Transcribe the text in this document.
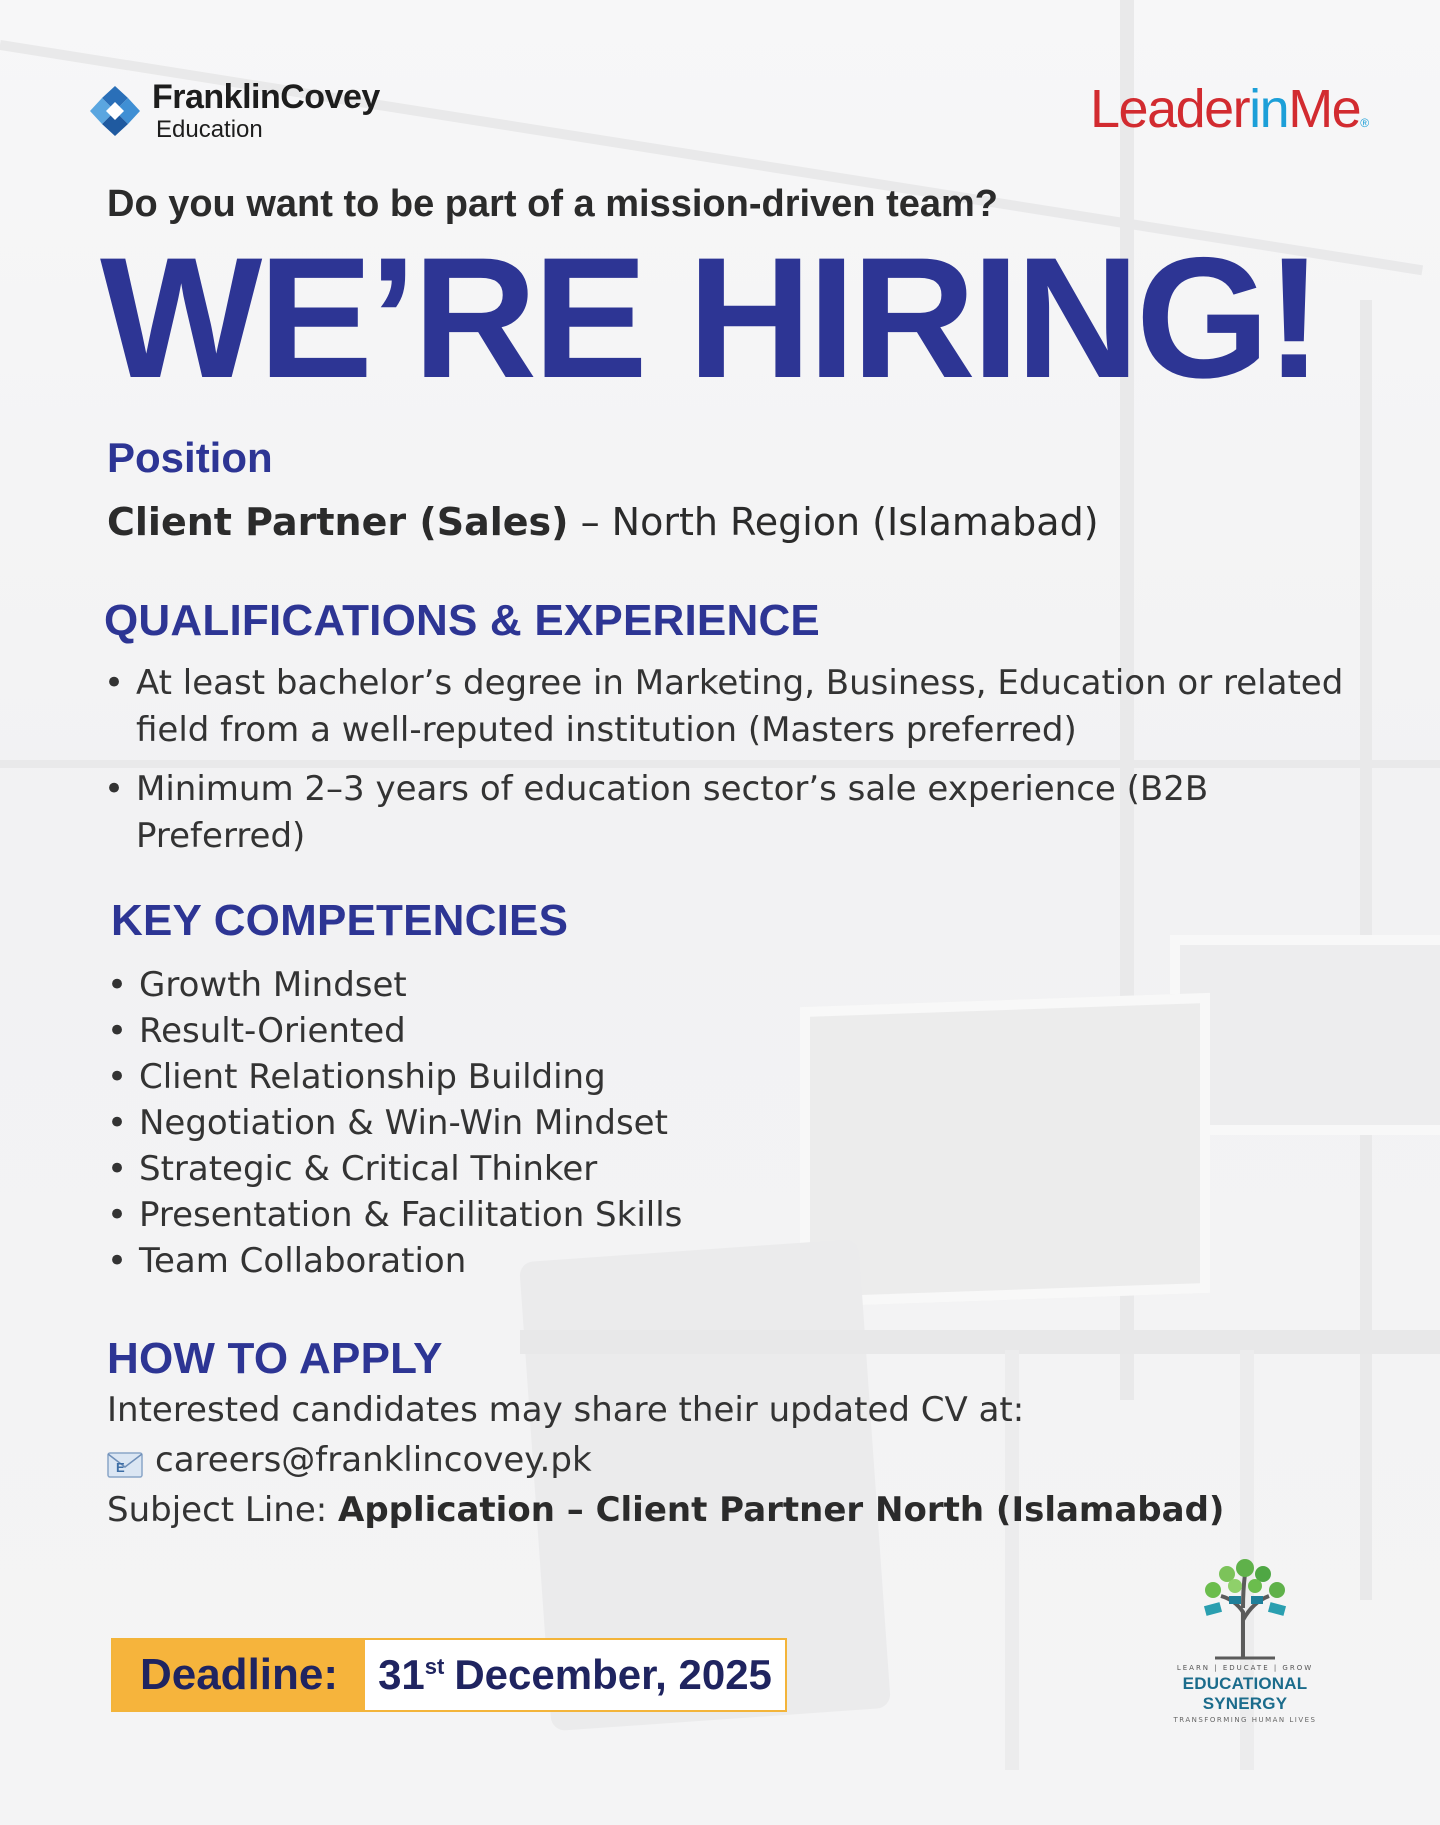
FranklinCovey
Education	LeaderinMe®
Do you want to be part of a mission-driven team?
WE’RE HIRING!
Position
Client Partner (Sales) – North Region (Islamabad)
QUALIFICATIONS & EXPERIENCE
• At least bachelor’s degree in Marketing, Business, Education or related field from a well-reputed institution (Masters preferred)
• Minimum 2–3 years of education sector’s sale experience (B2B Preferred)
KEY COMPETENCIES
• Growth Mindset
• Result-Oriented
• Client Relationship Building
• Negotiation & Win-Win Mindset
• Strategic & Critical Thinker
• Presentation & Facilitation Skills
• Team Collaboration
HOW TO APPLY
Interested candidates may share their updated CV at:
E careers@franklincovey.pk
Subject Line: Application – Client Partner North (Islamabad)
Deadline: 31st December, 2025	LEARN | EDUCATE | GROW
EDUCATIONAL SYNERGY
TRANSFORMING HUMAN LIVES
